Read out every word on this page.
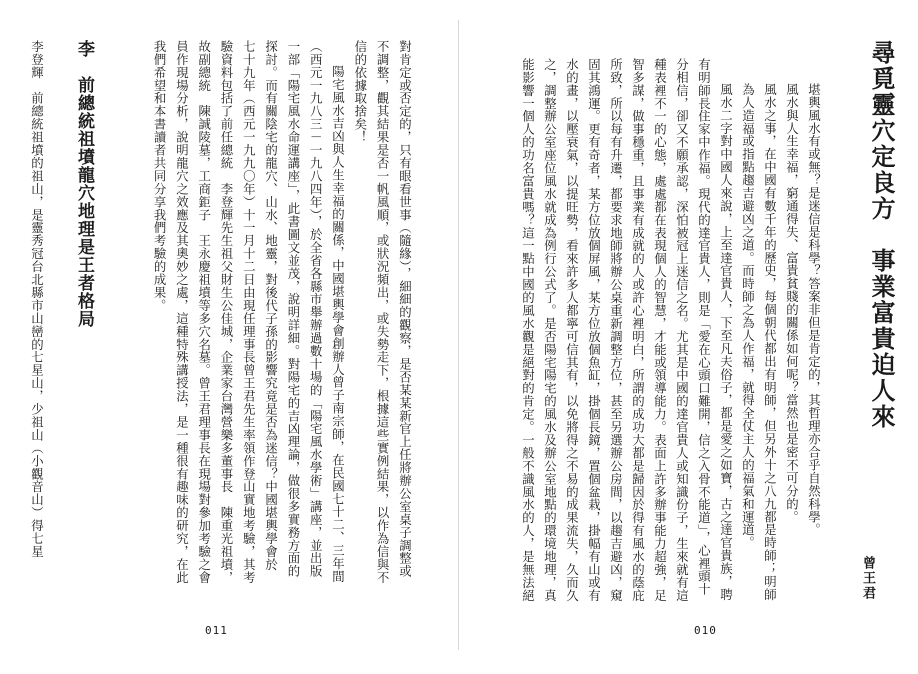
尋覓靈穴定良方　事業富貴迫人來
曾王君
堪輿風水有或無？是迷信是科學？答案非但是肯定的，其哲理亦合乎自然科學。
風水與人生幸福，窮通得失、富貴貧賤的關係如何呢？當然也是密不可分的。
風水之事，在中國有數千年的歷史，每個朝代都出有明師，但另外十之八九都是時師；明師
為人造福或指點趨吉避凶之道。而時師之為人作福，就得全仗主人的福氣和運道。
風水二字對中國人來說，上至達官貴人，下至凡夫俗子，都是愛之如寶，古之達官貴族，聘
有明師長住家中作福。現代的達官貴人，則是「愛在心頭口難開，信之入骨不能道」，心裡頭十
分相信，卻又不願承認，深怕被冠上迷信之名。尤其是中國的達官貴人或知識份子，生來就有這
種表裡不一的心態，處處都在表現個人的智慧，才能或領導能力。表面上許多辦事能力超強，足
智多謀，做事穩重，且事業有成就的人或許心裡明白，所謂的成功大都是歸因於得有風水的蔭庇
所致，所以每有升遷，都要求地師將辦公桌重新調整方位，甚至另選辦公房間，以趨吉避凶，窺
固其鴻運。更有奇者，某方位放個屏風，某方位放個魚缸，掛個長鏡，置個盆栽，掛幅有山或有
水的畫，以壓衰氣，以提旺勢，看來許多人都寧可信其有，以免將得之不易的成果流失，久而久
之，調整辦公室座位風水就成為例行公式了。是否陽宅陽宅的風水及辦公室地點的環境地理，真
能影響一個人的功名富貴嗎？這一點中國的風水觀是絕對的肯定。一般不識風水的人，是無法絕
010
對肯定或否定的，只有眼看世事（隨緣），細細的觀察，是否某某新官上任將辦公室桌子調整或
不調整，觀其結果是否一帆風順，或狀況頻出，或失勢走下，根據這些實例結果，以作為信與不
信的依據取捨矣！
陽宅風水吉凶與人生幸福的關係，中國堪輿學會創辦人曾子南宗師，在民國七十二、三年間
（西元一九八三－一九八四年），於全省各縣市舉辦過數十場的「陽宅風水學術」講座，並出版
一部「陽宅風水命運講座」，此書圖文並茂，說明詳細。對陽宅的吉凶理論，做很多實務方面的
探討。而有關陰宅的龍穴、山水、地靈，對後代子孫的影響究竟是否為迷信？中國堪輿學會於
七十九年（西元一九九〇年）十一月十二日由現任理事長曾王君先生率領作登山實地考驗，其考
驗資料包括了前任總統　李登輝先生祖父財生公佳城，企業家台灣營樂多董事長　陳重光祖墳，
故副總統　陳誠陵墓，工商鉅子　王永慶祖墳等多穴名墓。曾王君理事長在現場對參加考驗之會
員作現場分析，說明龍穴之效應及其奧妙之處，這種特殊講授法，是一種很有趣味的研究，在此
我們希望和本書讀者共同分享我們考驗的成果。
李　前總統祖墳龍穴地理是王者格局
李登輝　前總統祖墳的祖山，是靈秀冠台北縣市山巒的七星山，少祖山（小觀音山）得七星
011
